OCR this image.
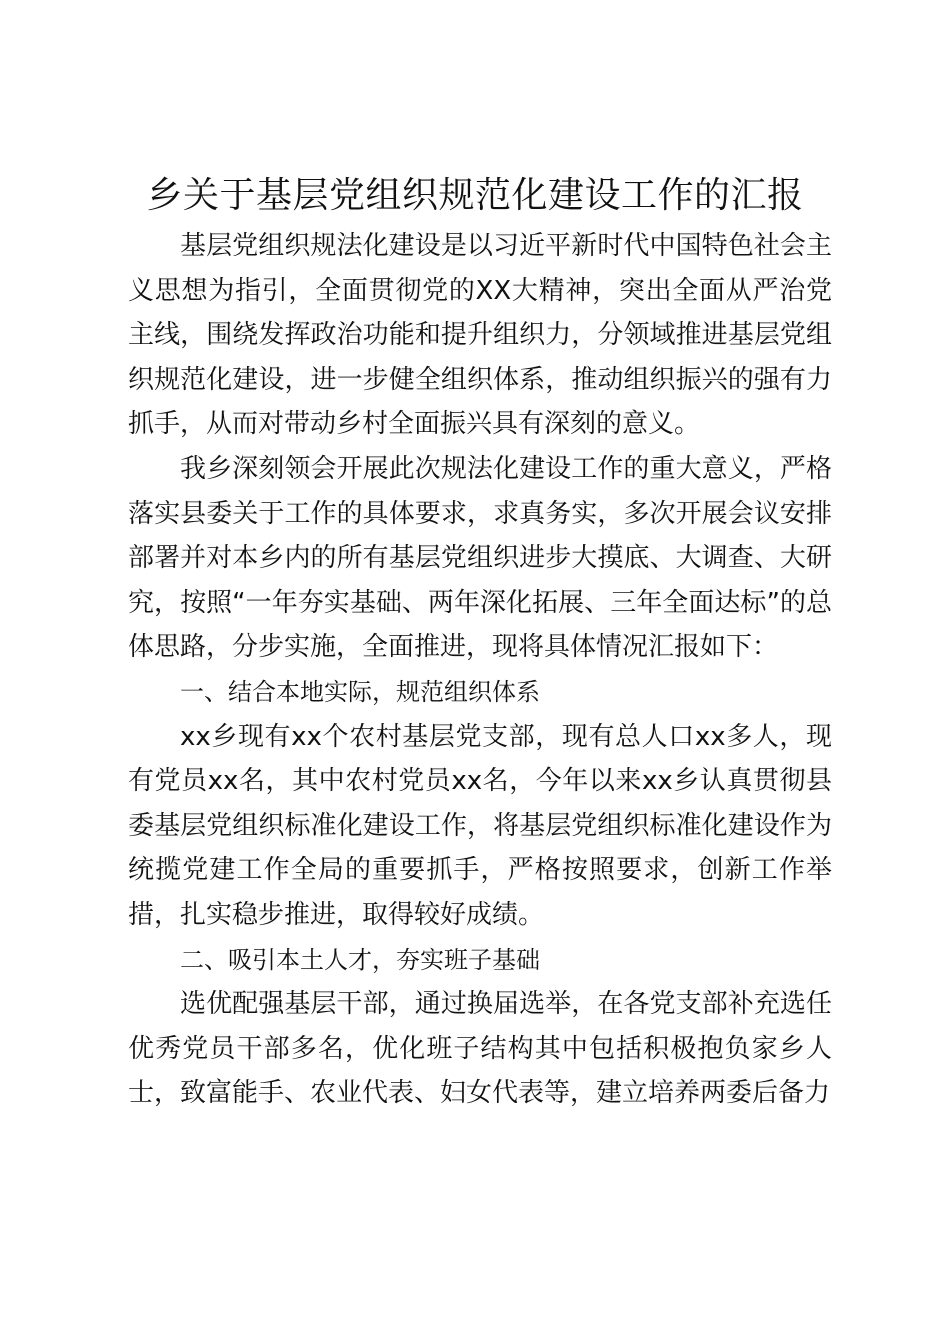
乡关于基层党组织规范化建设工作的汇报

基层党组织规法化建设是以习近平新时代中国特色社会主义思想为指引，全面贯彻党的XX大精神，突出全面从严治党主线，围绕发挥政治功能和提升组织力，分领域推进基层党组织规范化建设，进一步健全组织体系，推动组织振兴的强有力抓手，从而对带动乡村全面振兴具有深刻的意义。

我乡深刻领会开展此次规法化建设工作的重大意义，严格落实县委关于工作的具体要求，求真务实，多次开展会议安排部署并对本乡内的所有基层党组织进步大摸底、大调查、大研究，按照“一年夯实基础、两年深化拓展、三年全面达标”的总体思路，分步实施，全面推进，现将具体情况汇报如下：

一、结合本地实际，规范组织体系

xx乡现有xx个农村基层党支部，现有总人口xx多人，现有党员xx名，其中农村党员xx名，今年以来xx乡认真贯彻县委基层党组织标准化建设工作，将基层党组织标准化建设作为统揽党建工作全局的重要抓手，严格按照要求，创新工作举措，扎实稳步推进，取得较好成绩。

二、吸引本土人才，夯实班子基础

选优配强基层干部，通过换届选举，在各党支部补充选任优秀党员干部多名，优化班子结构其中包括积极抱负家乡人士，致富能手、农业代表、妇女代表等，建立培养两委后备力
